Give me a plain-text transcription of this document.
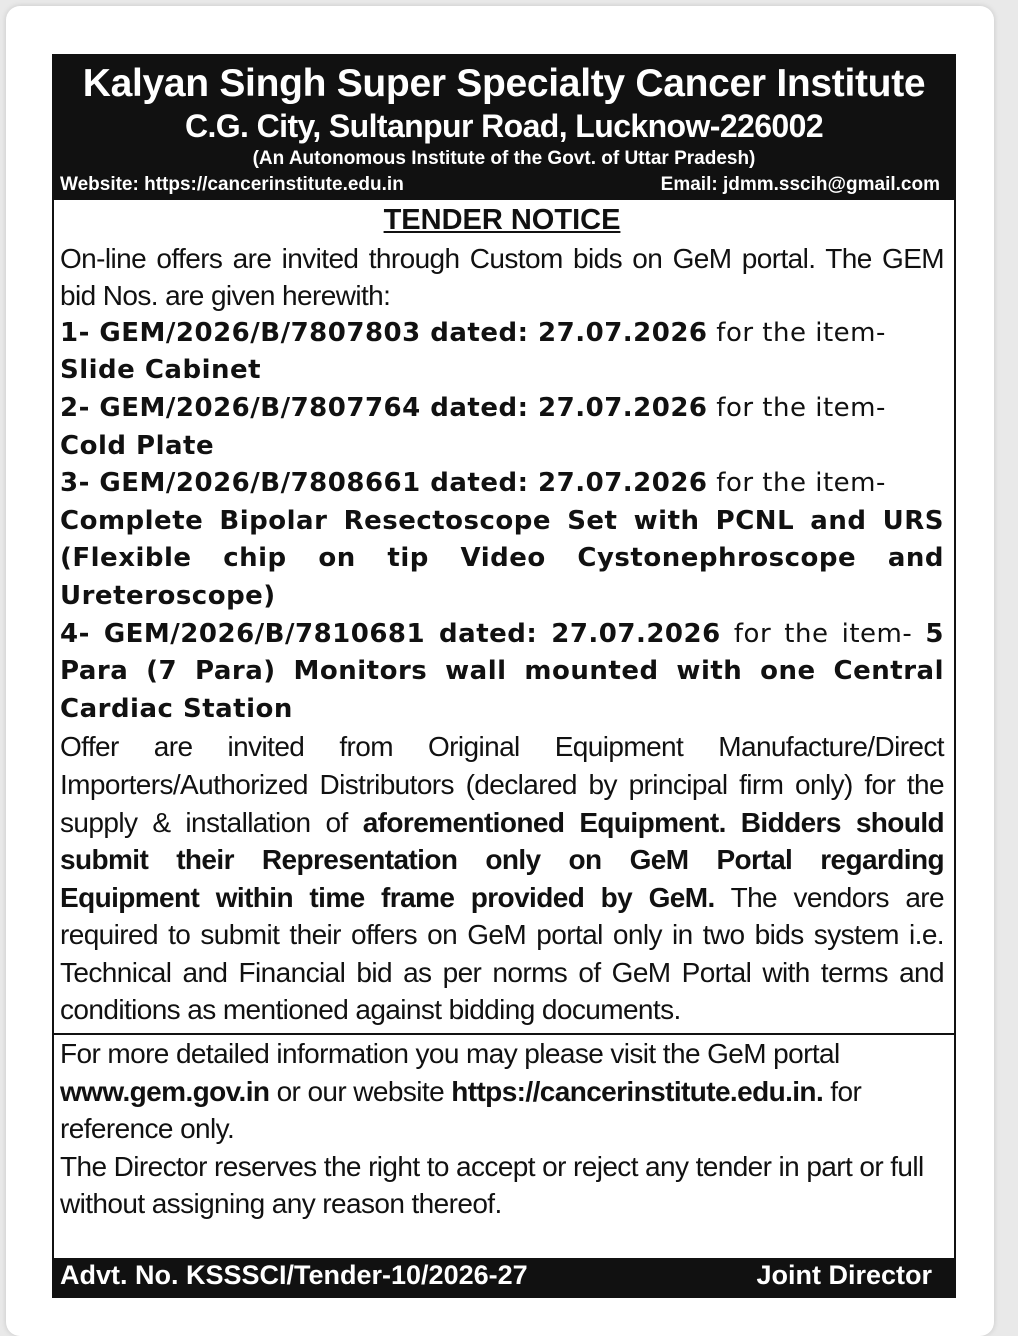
Kalyan Singh Super Specialty Cancer Institute
C.G. City, Sultanpur Road, Lucknow-226002
(An Autonomous Institute of the Govt. of Uttar Pradesh)
Website: https://cancerinstitute.edu.in	Email: jdmm.sscih@gmail.com
TENDER NOTICE
On-line offers are invited through Custom bids on GeM portal. The GEM bid Nos. are given herewith:
1- GEM/2026/B/7807803 dated: 27.07.2026 for the item-
Slide Cabinet
2- GEM/2026/B/7807764 dated: 27.07.2026 for the item-
Cold Plate
3- GEM/2026/B/7808661 dated: 27.07.2026 for the item-
Complete Bipolar Resectoscope Set with PCNL and URS (Flexible chip on tip Video Cystonephroscope and Ureteroscope)
4- GEM/2026/B/7810681 dated: 27.07.2026 for the item- 5 Para (7 Para) Monitors wall mounted with one Central Cardiac Station
Offer are invited from Original Equipment Manufacture/Direct Importers/Authorized Distributors (declared by principal firm only) for the supply & installation of aforementioned Equipment. Bidders should submit their Representation only on GeM Portal regarding Equipment within time frame provided by GeM. The vendors are required to submit their offers on GeM portal only in two bids system i.e. Technical and Financial bid as per norms of GeM Portal with terms and conditions as mentioned against bidding documents.
For more detailed information you may please visit the GeM portal www.gem.gov.in or our website https://cancerinstitute.edu.in. for reference only.
The Director reserves the right to accept or reject any tender in part or full without assigning any reason thereof.
Advt. No. KSSSCI/Tender-10/2026-27	Joint Director
